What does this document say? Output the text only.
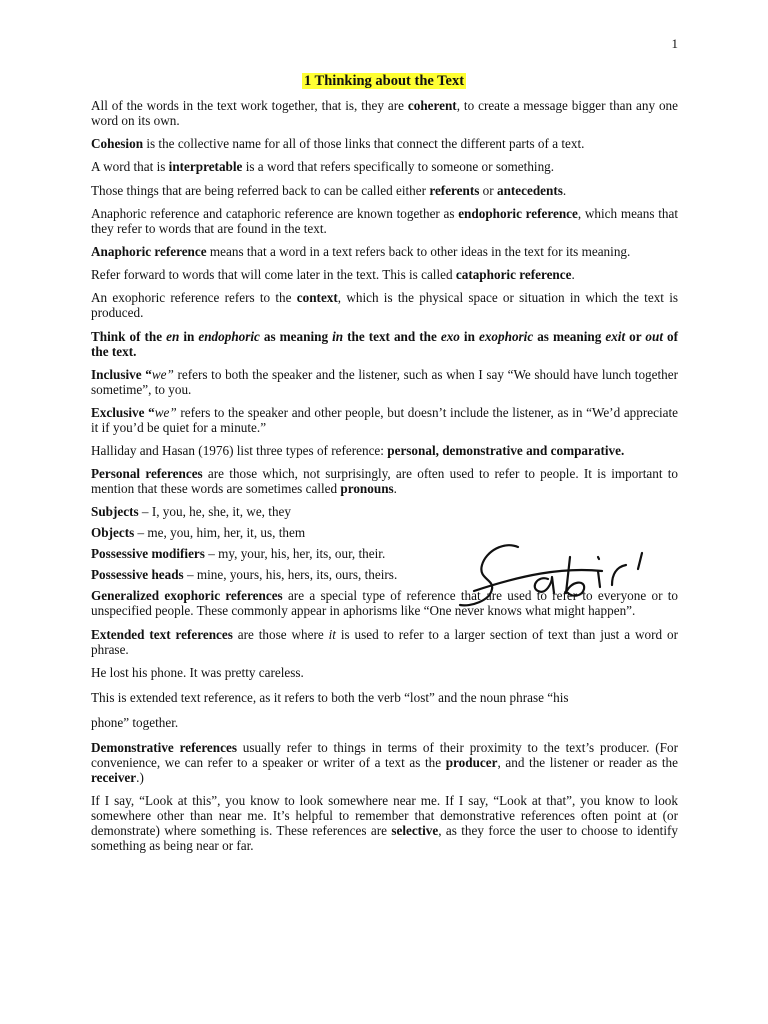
1
1 Thinking about the Text

All of the words in the text work together, that is, they are coherent, to create a message bigger than any one word on its own.

Cohesion is the collective name for all of those links that connect the different parts of a text.

A word that is interpretable is a word that refers specifically to someone or something.

Those things that are being referred back to can be called either referents or antecedents.

Anaphoric reference and cataphoric reference are known together as endophoric reference, which means that they refer to words that are found in the text.

Anaphoric reference means that a word in a text refers back to other ideas in the text for its meaning.

Refer forward to words that will come later in the text. This is called cataphoric reference.

An exophoric reference refers to the context, which is the physical space or situation in which the text is produced.

Think of the en in endophoric as meaning in the text and the exo in exophoric as meaning exit or out of the text.

Inclusive “we” refers to both the speaker and the listener, such as when I say “We should have lunch together sometime”, to you.

Exclusive “we” refers to the speaker and other people, but doesn’t include the listener, as in “We’d appreciate it if you’d be quiet for a minute.”

Halliday and Hasan (1976) list three types of reference: personal, demonstrative and comparative.

Personal references are those which, not surprisingly, are often used to refer to people. It is important to mention that these words are sometimes called pronouns.

Subjects – I, you, he, she, it, we, they

Objects – me, you, him, her, it, us, them

Possessive modifiers – my, your, his, her, its, our, their.

Possessive heads – mine, yours, his, hers, its, ours, theirs.

Generalized exophoric references are a special type of reference that are used to refer to everyone or to unspecified people. These commonly appear in aphorisms like “One never knows what might happen”.

Extended text references are those where it is used to refer to a larger section of text than just a word or phrase.

He lost his phone. It was pretty careless.

This is extended text reference, as it refers to both the verb “lost” and the noun phrase “his

phone” together.

Demonstrative references usually refer to things in terms of their proximity to the text’s producer. (For convenience, we can refer to a speaker or writer of a text as the producer, and the listener or reader as the receiver.)

If I say, “Look at this”, you know to look somewhere near me. If I say, “Look at that”, you know to look somewhere other than near me. It’s helpful to remember that demonstrative references often point at (or demonstrate) where something is. These references are selective, as they force the user to choose to identify something as being near or far.
